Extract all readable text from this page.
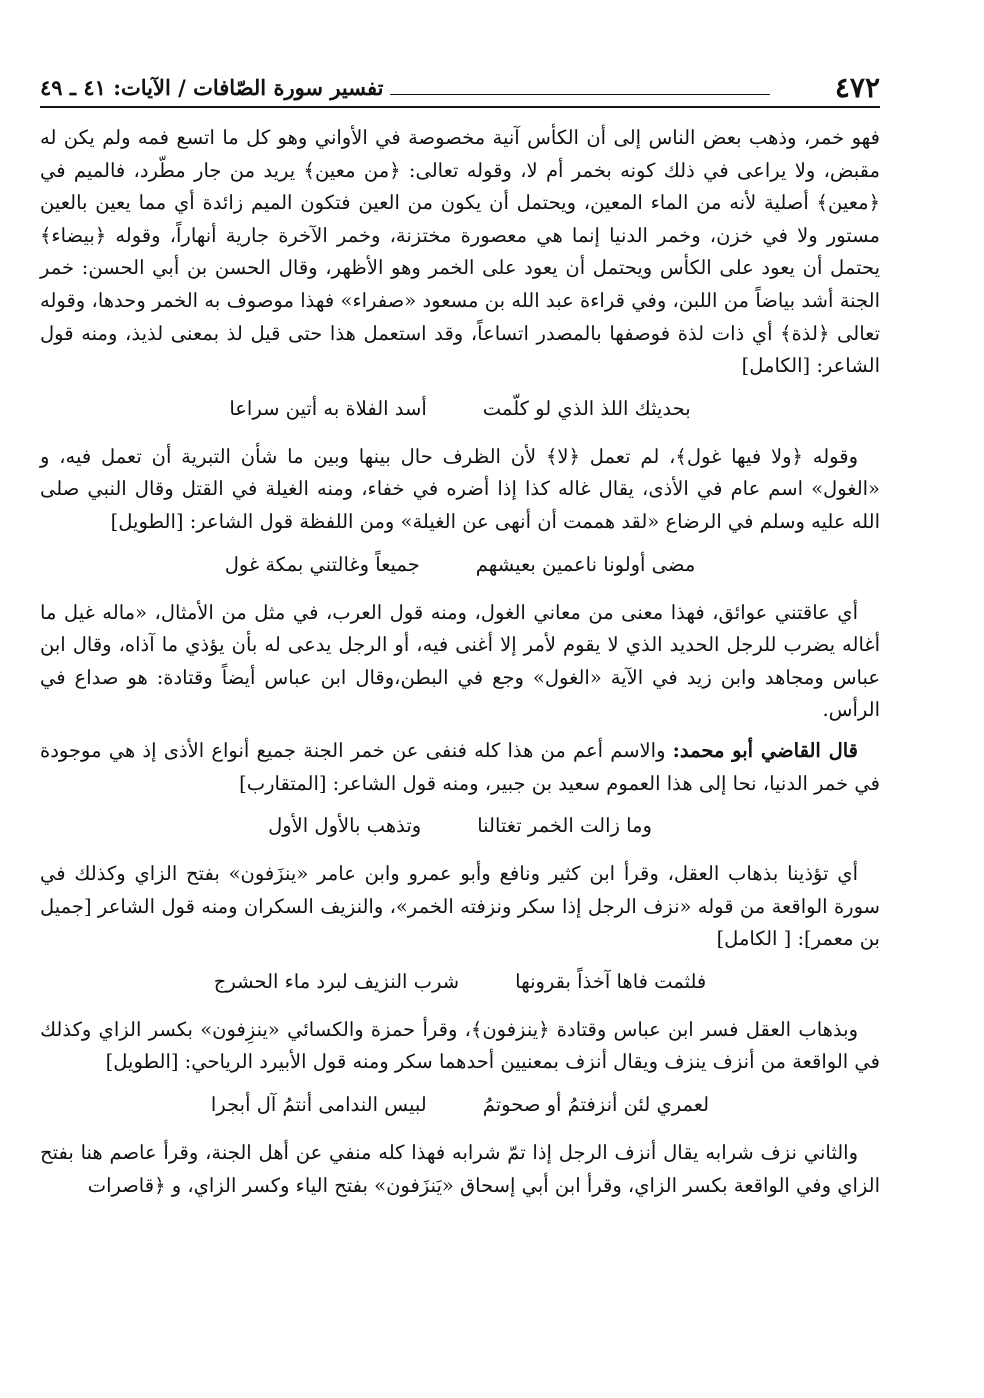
٤٧٢
تفسير سورة الصّافات / الآيات: ٤١ ـ ٤٩

فهو خمر، وذهب بعض الناس إلى أن الكأس آنية مخصوصة في الأواني وهو كل ما اتسع فمه ولم يكن له مقبض، ولا يراعى في ذلك كونه بخمر أم لا، وقوله تعالى: ﴿من معين﴾ يريد من جار مطّرد، فالميم في ﴿معين﴾ أصلية لأنه من الماء المعين، ويحتمل أن يكون من العين فتكون الميم زائدة أي مما يعين بالعين مستور ولا في خزن، وخمر الدنيا إنما هي معصورة مختزنة، وخمر الآخرة جارية أنهاراً، وقوله ﴿بيضاء﴾ يحتمل أن يعود على الكأس ويحتمل أن يعود على الخمر وهو الأظهر، وقال الحسن بن أبي الحسن: خمر الجنة أشد بياضاً من اللبن، وفي قراءة عبد الله بن مسعود «صفراء» فهذا موصوف به الخمر وحدها، وقوله تعالى ﴿لذة﴾ أي ذات لذة فوصفها بالمصدر اتساعاً، وقد استعمل هذا حتى قيل لذ بمعنى لذيذ، ومنه قول الشاعر: [الكامل]

بحديثك اللذ الذي لو كلّمت
أسد الفلاة به أتين سراعا

وقوله ﴿ولا فيها غول﴾، لم تعمل ﴿لا﴾ لأن الظرف حال بينها وبين ما شأن التبرية أن تعمل فيه، و «الغول» اسم عام في الأذى، يقال غاله كذا إذا أضره في خفاء، ومنه الغيلة في القتل وقال النبي صلى الله عليه وسلم في الرضاع «لقد هممت أن أنهى عن الغيلة» ومن اللفظة قول الشاعر: [الطويل]

مضى أولونا ناعمين بعيشهم
جميعاً وغالتني بمكة غول

أي عاقتني عوائق، فهذا معنى من معاني الغول، ومنه قول العرب، في مثل من الأمثال، «ماله غيل ما أغاله يضرب للرجل الحديد الذي لا يقوم لأمر إلا أغنى فيه، أو الرجل يدعى له بأن يؤذي ما آذاه، وقال ابن عباس ومجاهد وابن زيد في الآية «الغول» وجع في البطن،وقال ابن عباس أيضاً وقتادة: هو صداع في الرأس.

قال القاضي أبو محمد: والاسم أعم من هذا كله فنفى عن خمر الجنة جميع أنواع الأذى إذ هي موجودة في خمر الدنيا، نحا إلى هذا العموم سعيد بن جبير، ومنه قول الشاعر: [المتقارب]

وما زالت الخمر تغتالنا
وتذهب بالأول الأول

أي تؤذينا بذهاب العقل، وقرأ ابن كثير ونافع وأبو عمرو وابن عامر «ينزَفون» بفتح الزاي وكذلك في سورة الواقعة من قوله «نزف الرجل إذا سكر ونزفته الخمر»، والنزيف السكران ومنه قول الشاعر [جميل بن معمر]: [ الكامل]

فلثمت فاها آخذاً بقرونها
شرب النزيف لبرد ماء الحشرج

وبذهاب العقل فسر ابن عباس وقتادة ﴿ينزفون﴾، وقرأ حمزة والكسائي «ينزِفون» بكسر الزاي وكذلك في الواقعة من أنزف ينزف ويقال أنزف بمعنيين أحدهما سكر ومنه قول الأبيرد الرياحي: [الطويل]

لعمري لئن أنزفتمُ أو صحوتمُ
لبيس الندامى أنتمُ آل أبجرا

والثاني نزف شرابه يقال أنزف الرجل إذا تمّ شرابه فهذا كله منفي عن أهل الجنة، وقرأ عاصم هنا بفتح الزاي وفي الواقعة بكسر الزاي، وقرأ ابن أبي إسحاق «يَنزَفون» بفتح الياء وكسر الزاي، و ﴿قاصرات
